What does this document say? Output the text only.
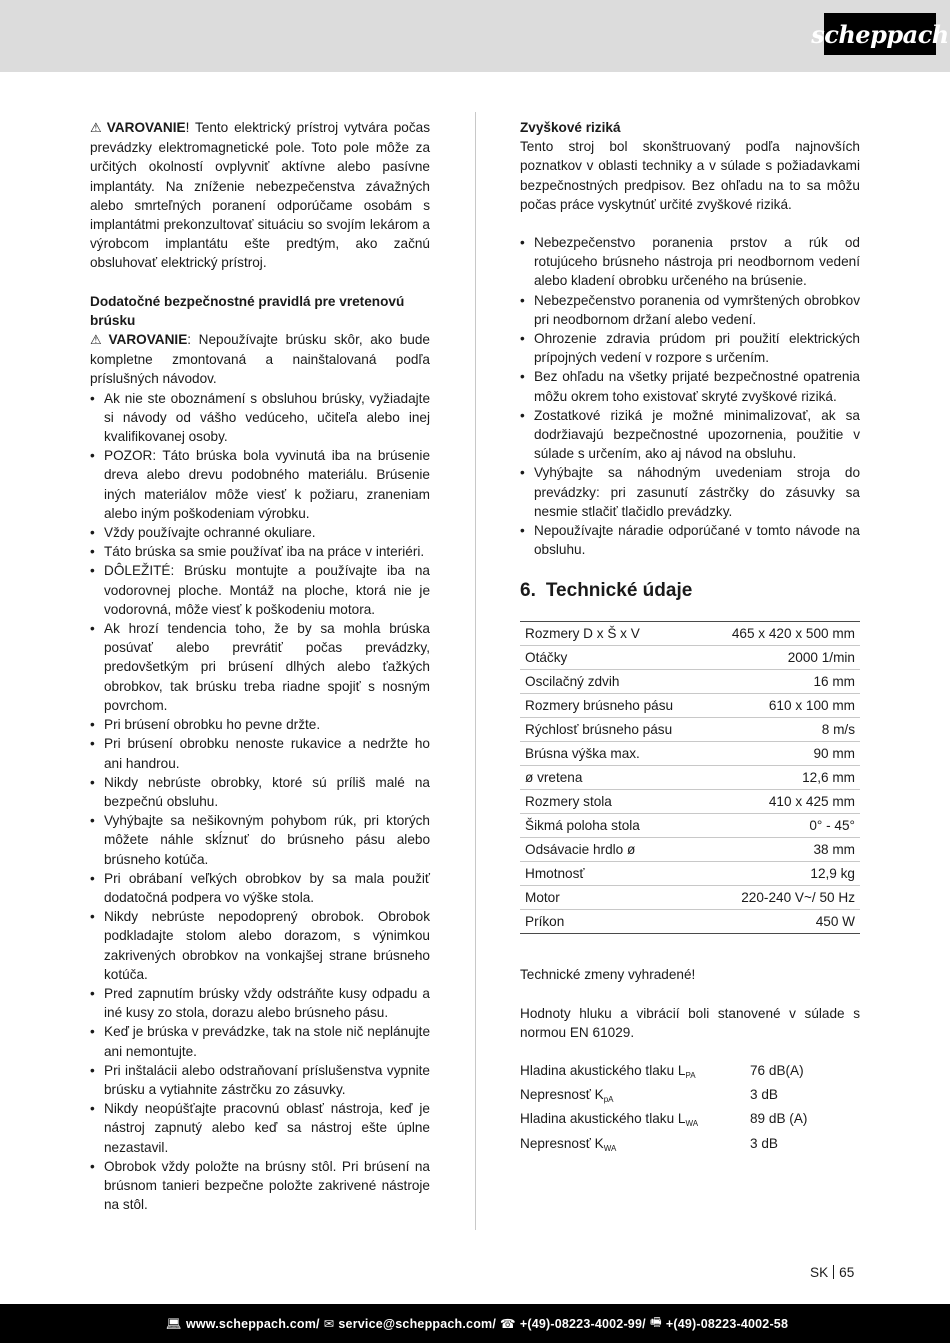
scheppach

⚠ VAROVANIE! Tento elektrický prístroj vytvára počas prevádzky elektromagnetické pole. Toto pole môže za určitých okolností ovplyvniť aktívne alebo pasívne implantáty. Na zníženie nebezpečenstva závažných alebo smrteľných poranení odporúčame osobám s implantátmi prekonzultovať situáciu so svojím lekárom a výrobcom implantátu ešte predtým, ako začnú obsluhovať elektrický prístroj.

Dodatočné bezpečnostné pravidlá pre vretenovú brúsku

⚠ VAROVANIE: Nepoužívajte brúsku skôr, ako bude kompletne zmontovaná a nainštalovaná podľa príslušných návodov.

• Ak nie ste oboznámení s obsluhou brúsky, vyžiadajte si návody od vášho vedúceho, učiteľa alebo inej kvalifikovanej osoby.
• POZOR: Táto brúska bola vyvinutá iba na brúsenie dreva alebo drevu podobného materiálu. Brúsenie iných materiálov môže viesť k požiaru, zraneniam alebo iným poškodeniam výrobku.
• Vždy používajte ochranné okuliare.
• Táto brúska sa smie používať iba na práce v interiéri.
• DÔLEŽITÉ: Brúsku montujte a používajte iba na vodorovnej ploche. Montáž na ploche, ktorá nie je vodorovná, môže viesť k poškodeniu motora.
• Ak hrozí tendencia toho, že by sa mohla brúska posúvať alebo prevrátiť počas prevádzky, predovšetkým pri brúsení dlhých alebo ťažkých obrobkov, tak brúsku treba riadne spojiť s nosným povrchom.
• Pri brúsení obrobku ho pevne držte.
• Pri brúsení obrobku nenoste rukavice a nedržte ho ani handrou.
• Nikdy nebrúste obrobky, ktoré sú príliš malé na bezpečnú obsluhu.
• Vyhýbajte sa nešikovným pohybom rúk, pri ktorých môžete náhle skĺznuť do brúsneho pásu alebo brúsneho kotúča.
• Pri obrábaní veľkých obrobkov by sa mala použiť dodatočná podpera vo výške stola.
• Nikdy nebrúste nepodoprený obrobok. Obrobok podkladajte stolom alebo dorazom, s výnimkou zakrivených obrobkov na vonkajšej strane brúsneho kotúča.
• Pred zapnutím brúsky vždy odstráňte kusy odpadu a iné kusy zo stola, dorazu alebo brúsneho pásu.
• Keď je brúska v prevádzke, tak na stole nič neplánujte ani nemontujte.
• Pri inštalácii alebo odstraňovaní príslušenstva vypnite brúsku a vytiahnite zástrčku zo zásuvky.
• Nikdy neopúšťajte pracovnú oblasť nástroja, keď je nástroj zapnutý alebo keď sa nástroj ešte úplne nezastavil.
• Obrobok vždy položte na brúsny stôl. Pri brúsení na brúsnom tanieri bezpečne položte zakrivené nástroje na stôl.

Zvyškové riziká

Tento stroj bol skonštruovaný podľa najnovších poznatkov v oblasti techniky a v súlade s požiadavkami bezpečnostných predpisov. Bez ohľadu na to sa môžu počas práce vyskytnúť určité zvyškové riziká.

• Nebezpečenstvo poranenia prstov a rúk od rotujúceho brúsneho nástroja pri neodbornom vedení alebo kladení obrobku určeného na brúsenie.
• Nebezpečenstvo poranenia od vymrštených obrobkov pri neodbornom držaní alebo vedení.
• Ohrozenie zdravia prúdom pri použití elektrických prípojných vedení v rozpore s určením.
• Bez ohľadu na všetky prijaté bezpečnostné opatrenia môžu okrem toho existovať skryté zvyškové riziká.
• Zostatkové riziká je možné minimalizovať, ak sa dodržiavajú bezpečnostné upozornenia, použitie v súlade s určením, ako aj návod na obsluhu.
• Vyhýbajte sa náhodným uvedeniam stroja do prevádzky: pri zasunutí zástrčky do zásuvky sa nesmie stlačiť tlačidlo prevádzky.
• Nepoužívajte náradie odporúčané v tomto návode na obsluhu.
6. Technické údaje
Rozmery D x Š x V	465 x 420 x 500 mm
Otáčky	2000 1/min
Oscilačný zdvih	16 mm
Rozmery brúsneho pásu	610 x 100 mm
Rýchlosť brúsneho pásu	8 m/s
Brúsna výška max.	90 mm
ø vretena	12,6 mm
Rozmery stola	410 x 425 mm
Šikmá poloha stola	0° - 45°
Odsávacie hrdlo ø	38 mm
Hmotnosť	12,9 kg
Motor	220-240 V~/ 50 Hz
Príkon	450 W

Technické zmeny vyhradené!

Hodnoty hluku a vibrácií boli stanovené v súlade s normou EN 61029.

Hladina akustického tlaku $L_{PA}$	76 dB(A)
Nepresnosť $K_{pA}$	3 dB
Hladina akustického tlaku $L_{WA}$	89 dB (A)
Nepresnosť $K_{WA}$	3 dB
SK 65
💻︎ www.scheppach.com / ✉ service@scheppach.com / ☎ +(49)-08223-4002-99 / 🖷︎ +(49)-08223-4002-58
